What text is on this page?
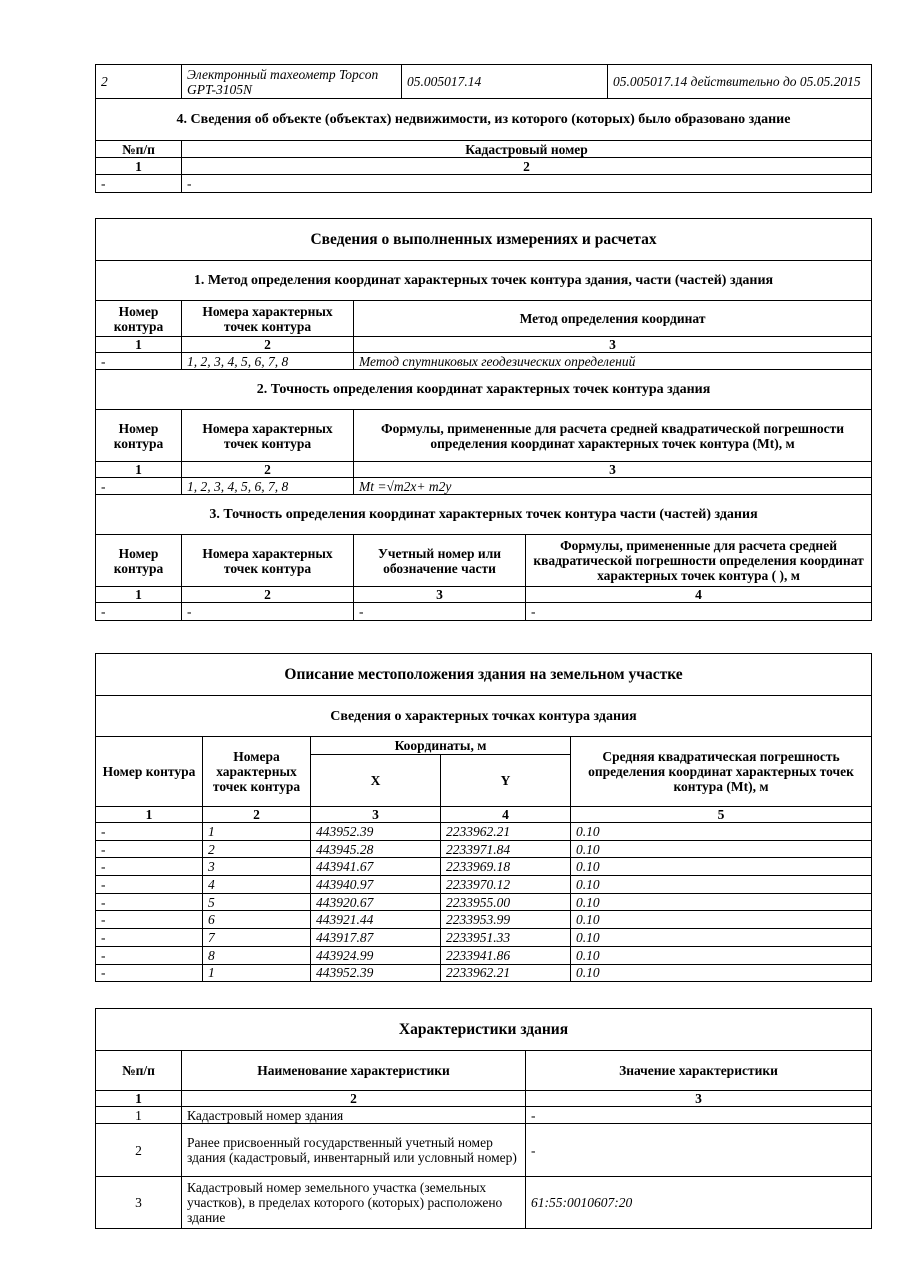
2	Электронный тахеометр Topcon GPT-3105N	05.005017.14	05.005017.14 действительно до 05.05.2015
4. Сведения об объекте (объектах) недвижимости, из которого (которых) было образовано здание			
№п/п	Кадастровый номер		
1	2		
-	-		
Сведения о выполненных измерениях и расчетах			
1. Метод определения координат характерных точек контура здания, части (частей) здания			
Номер контура	Номера характерных точек контура	Метод определения координат	
1	2	3	
-	1, 2, 3, 4, 5, 6, 7, 8	Метод спутниковых геодезических определений	
2. Точность определения координат характерных точек контура здания			
Номер контура	Номера характерных точек контура	Формулы, примененные для расчета средней квадратической погрешности определения координат характерных точек контура (Mt), м	
1	2	3	
-	1, 2, 3, 4, 5, 6, 7, 8	Mt =√m2x+ m2y	
3. Точность определения координат характерных точек контура части (частей) здания			
Номер контура	Номера характерных точек контура	Учетный номер или обозначение части	Формулы, примененные для расчета средней квадратической погрешности определения координат характерных точек контура ( ), м
1	2	3	4
-	-	-	-
Описание местоположения здания на земельном участке				
Сведения о характерных точках контура здания				
Номер контура	Номера характерных точек контура	Координаты, м		Средняя квадратическая погрешность определения координат характерных точек контура (Mt), м
		X	Y	
1	2	3	4	5
-	1	443952.39	2233962.21	0.10
-	2	443945.28	2233971.84	0.10
-	3	443941.67	2233969.18	0.10
-	4	443940.97	2233970.12	0.10
-	5	443920.67	2233955.00	0.10
-	6	443921.44	2233953.99	0.10
-	7	443917.87	2233951.33	0.10
-	8	443924.99	2233941.86	0.10
-	1	443952.39	2233962.21	0.10
Характеристики здания		
№п/п	Наименование характеристики	Значение характеристики
1	2	3
1	Кадастровый номер здания	-
2	Ранее присвоенный государственный учетный номер здания (кадастровый, инвентарный или условный номер)	-
3	Кадастровый номер земельного участка (земельных участков), в пределах которого (которых) расположено здание	61:55:0010607:20
